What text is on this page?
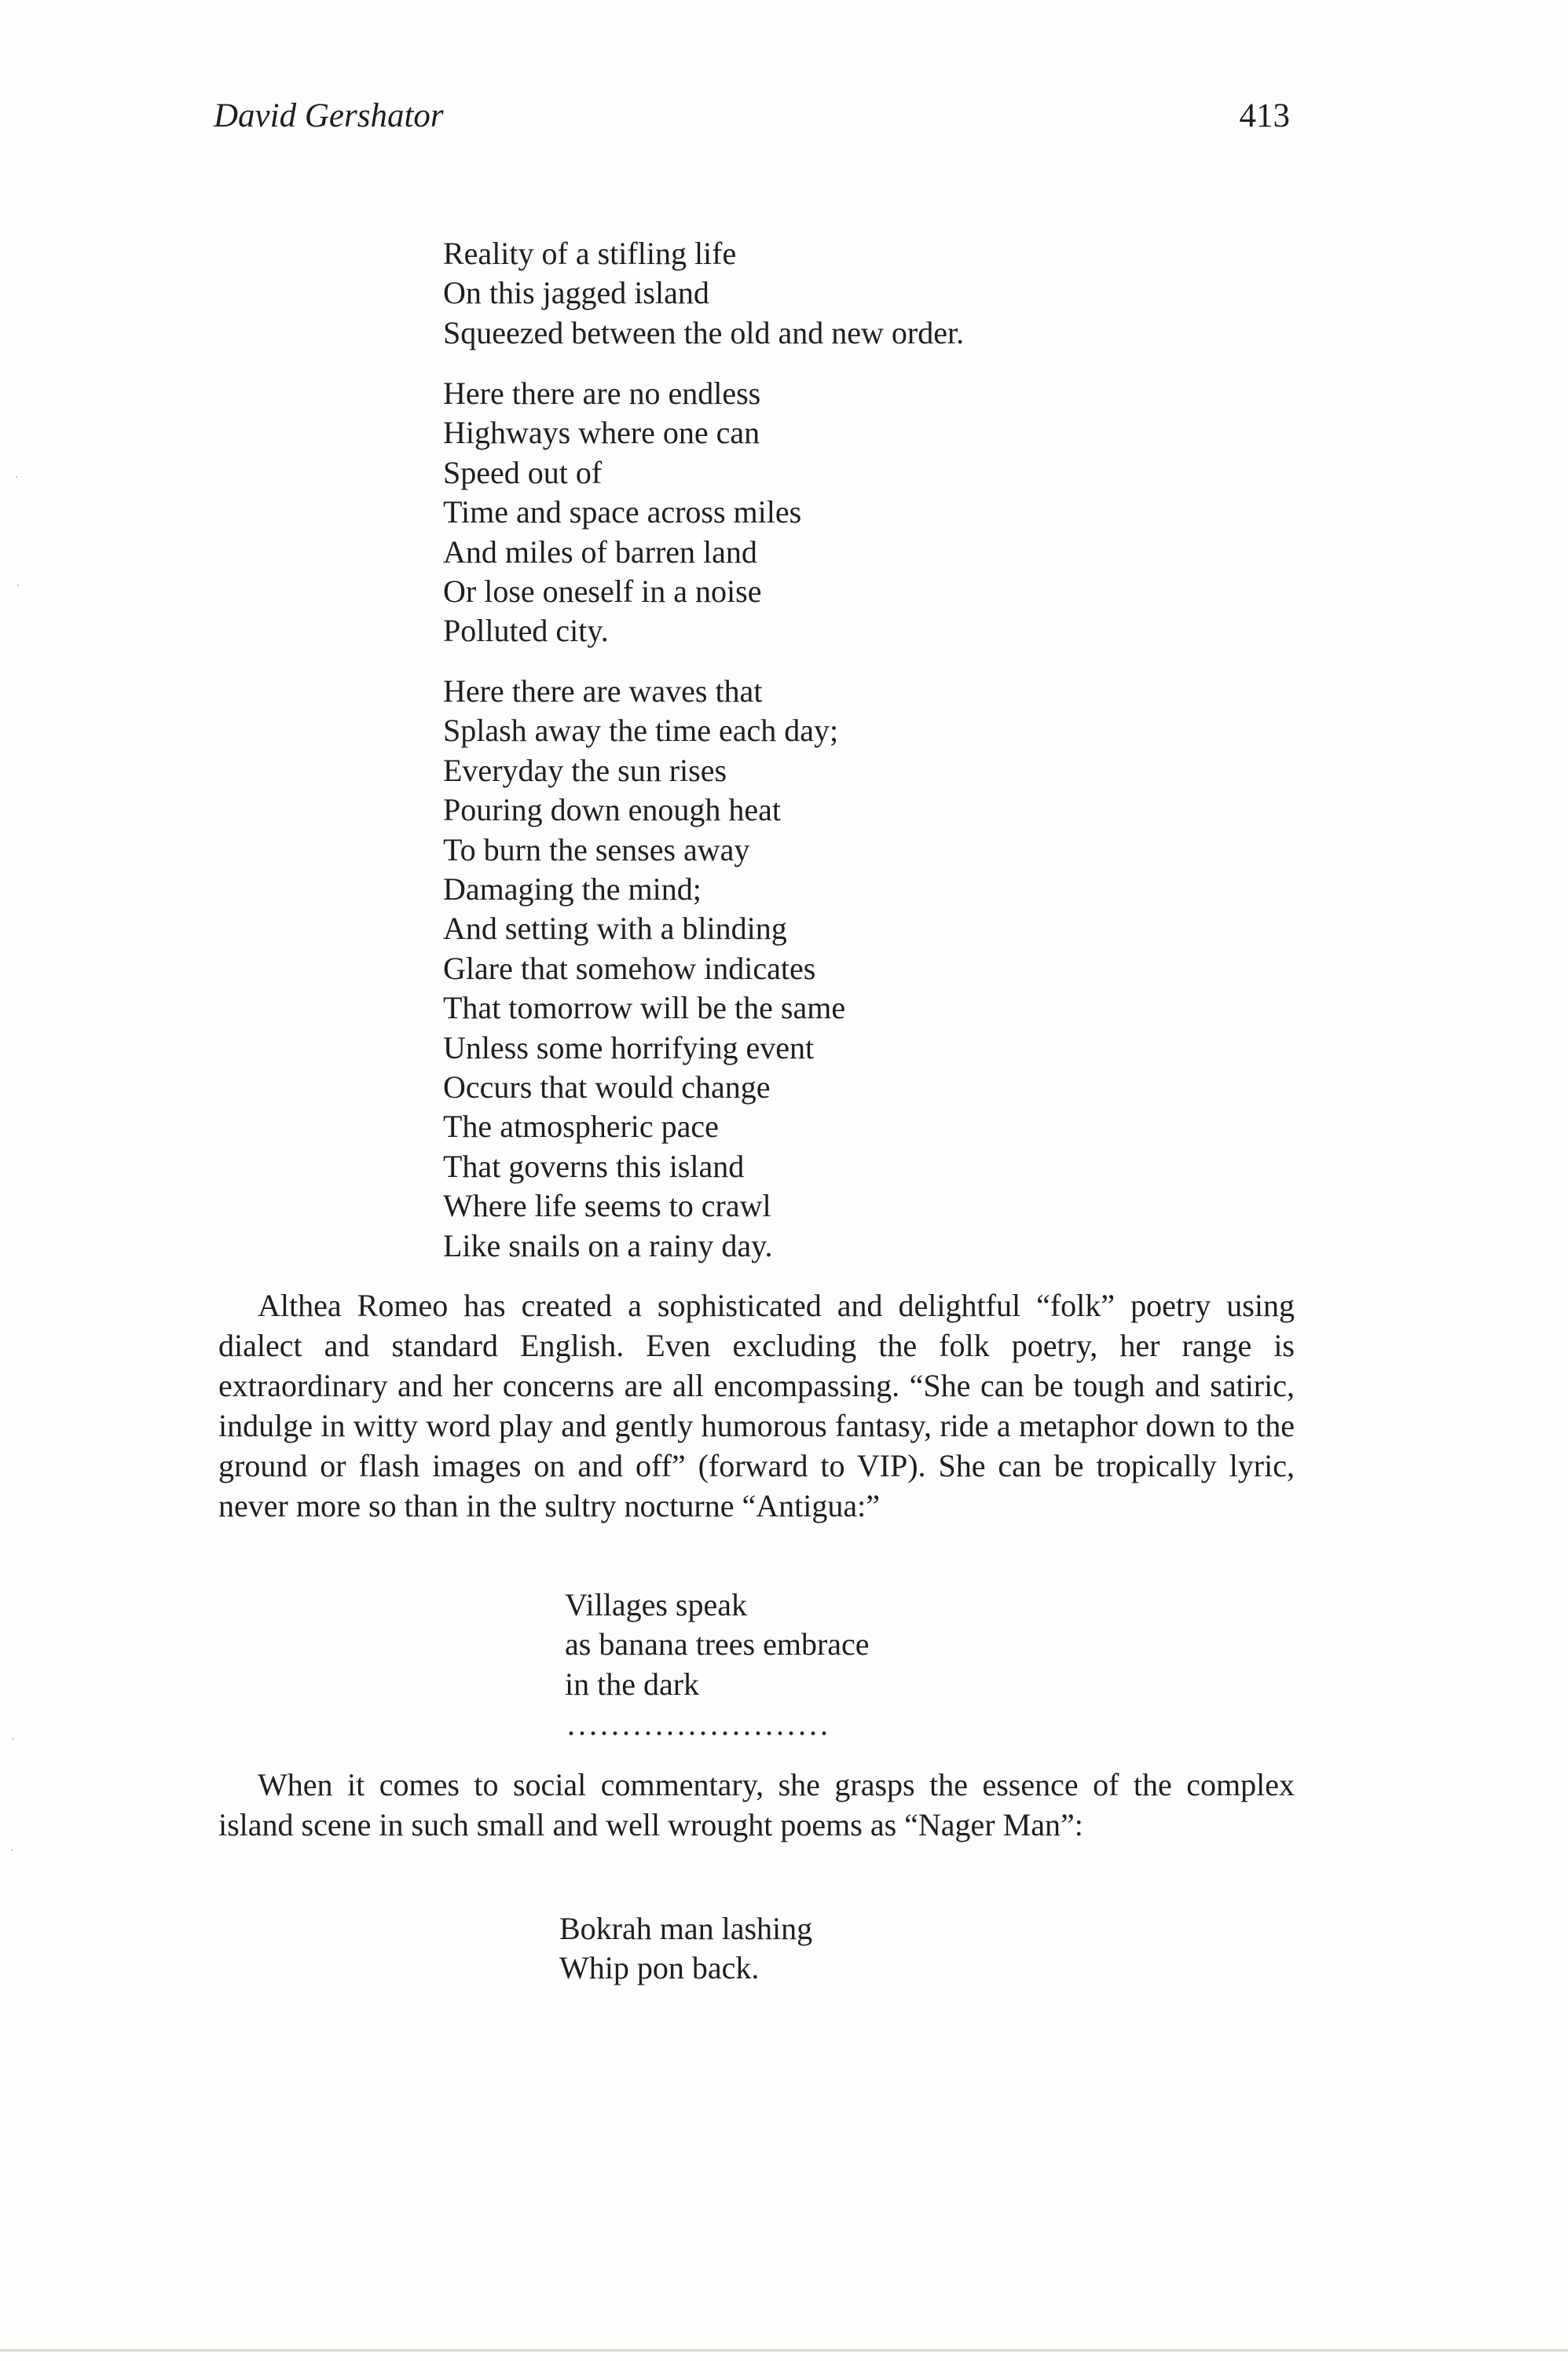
David Gershator	413
Reality of a stifling life
On this jagged island
Squeezed between the old and new order.
Here there are no endless
Highways where one can
Speed out of
Time and space across miles
And miles of barren land
Or lose oneself in a noise
Polluted city.
Here there are waves that
Splash away the time each day;
Everyday the sun rises
Pouring down enough heat
To burn the senses away
Damaging the mind;
And setting with a blinding
Glare that somehow indicates
That tomorrow will be the same
Unless some horrifying event
Occurs that would change
The atmospheric pace
That governs this island
Where life seems to crawl
Like snails on a rainy day.

Althea Romeo has created a sophisticated and delightful “folk” poetry using dialect and standard English. Even excluding the folk poetry, her range is extraordinary and her concerns are all encompassing. “She can be tough and satiric, indulge in witty word play and gently humorous fantasy, ride a metaphor down to the ground or flash images on and off” (forward to VIP). She can be tropically lyric, never more so than in the sultry nocturne “Antigua:”

Villages speak
as banana trees embrace
in the dark
........................

When it comes to social commentary, she grasps the essence of the complex island scene in such small and well wrought poems as “Nager Man”:

Bokrah man lashing
Whip pon back.
·
·
·
·
